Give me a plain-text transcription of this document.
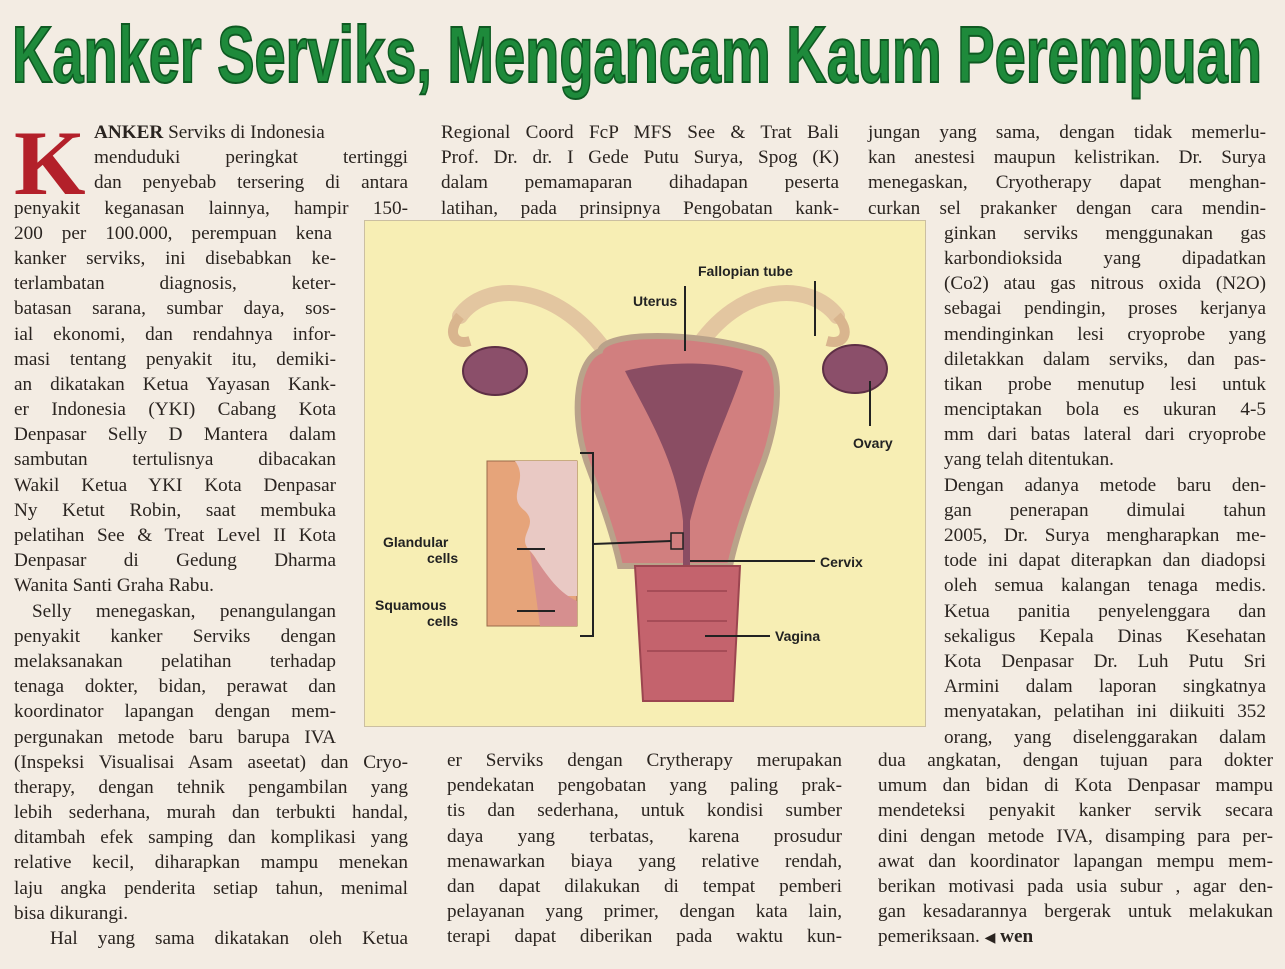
Kanker Serviks, Mengancam Kaum Perempuan
K ANKER Serviks di Indonesia
menduduki peringkat tertinggi
dan penyebab tersering di antara
penyakit keganasan lainnya, hampir 150-
200 per 100.000, perempuan kena
kanker serviks, ini disebabkan ke-
terlambatan diagnosis, keter-
batasan sarana, sumbar daya, sos-
ial ekonomi, dan rendahnya infor-
masi tentang penyakit itu, demiki-
an dikatakan Ketua Yayasan Kank-
er Indonesia (YKI) Cabang Kota
Denpasar Selly D Mantera dalam
sambutan tertulisnya dibacakan
Wakil Ketua YKI Kota Denpasar
Ny Ketut Robin, saat membuka
pelatihan See & Treat Level II Kota
Denpasar di Gedung Dharma
Wanita Santi Graha Rabu.
Selly menegaskan, penangulangan
penyakit kanker Serviks dengan
melaksanakan pelatihan terhadap
tenaga dokter, bidan, perawat dan
koordinator lapangan dengan mem-
pergunakan metode baru barupa IVA
(Inspeksi Visualisai Asam aseetat) dan Cryo-
therapy, dengan tehnik pengambilan yang
lebih sederhana, murah dan terbukti handal,
ditambah efek samping dan komplikasi yang
relative kecil, diharapkan mampu menekan
laju angka penderita setiap tahun, menimal
bisa dikurangi.
Hal yang sama dikatakan oleh Ketua
Regional Coord FcP MFS See & Trat Bali
Prof. Dr. dr. I Gede Putu Surya, Spog (K)
dalam pemamaparan dihadapan peserta
latihan, pada prinsipnya Pengobatan kank-
Fallopian tube
Uterus
Ovary
Glandular
cells
Squamous
cells
Cervix
Vagina
er Serviks dengan Crytherapy merupakan
pendekatan pengobatan yang paling prak-
tis dan sederhana, untuk kondisi sumber
daya yang terbatas, karena prosudur
menawarkan biaya yang relative rendah,
dan dapat dilakukan di tempat pemberi
pelayanan yang primer, dengan kata lain,
terapi dapat diberikan pada waktu kun-
jungan yang sama, dengan tidak memerlu-
kan anestesi maupun kelistrikan. Dr. Surya
menegaskan, Cryotherapy dapat menghan-
curkan sel prakanker dengan cara mendin-
ginkan serviks menggunakan gas
karbondioksida yang dipadatkan
(Co2) atau gas nitrous oxida (N2O)
sebagai pendingin, proses kerjanya
mendinginkan lesi cryoprobe yang
diletakkan dalam serviks, dan pas-
tikan probe menutup lesi untuk
menciptakan bola es ukuran 4-5
mm dari batas lateral dari cryoprobe
yang telah ditentukan.
Dengan adanya metode baru den-
gan penerapan dimulai tahun
2005, Dr. Surya mengharapkan me-
tode ini dapat diterapkan dan diadopsi
oleh semua kalangan tenaga medis.
Ketua panitia penyelenggara dan
sekaligus Kepala Dinas Kesehatan
Kota Denpasar Dr. Luh Putu Sri
Armini dalam laporan singkatnya
menyatakan, pelatihan ini diikuiti 352
orang, yang diselenggarakan dalam
dua angkatan, dengan tujuan para dokter
umum dan bidan di Kota Denpasar mampu
mendeteksi penyakit kanker servik secara
dini dengan metode IVA, disamping para per-
awat dan koordinator lapangan mempu mem-
berikan motivasi pada usia subur , agar den-
gan kesadarannya bergerak untuk melakukan
pemeriksaan. ◀ wen
